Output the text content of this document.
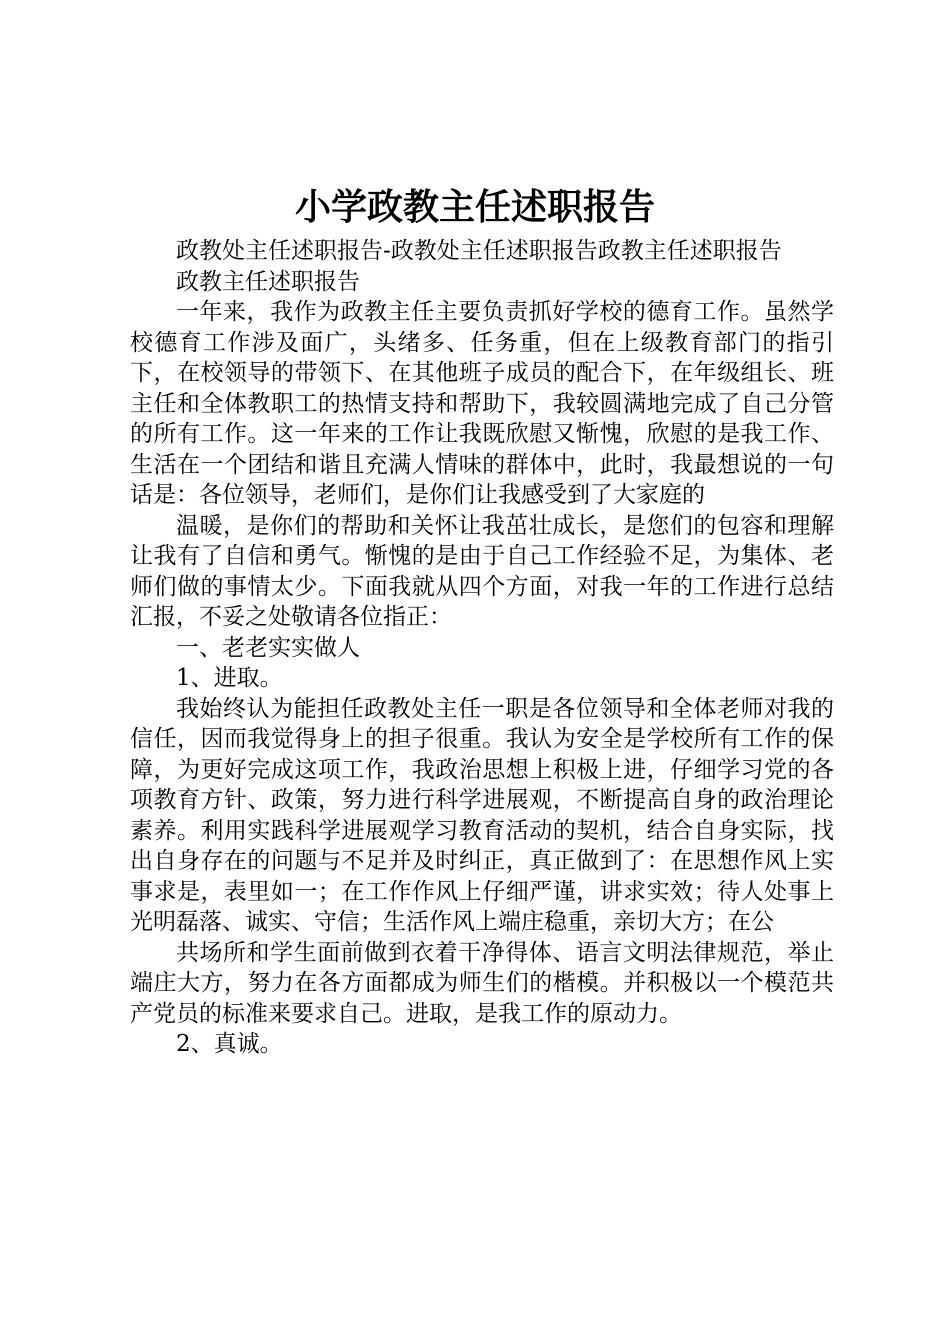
小学政教主任述职报告

政教处主任述职报告-政教处主任述职报告政教主任述职报告

政教主任述职报告

一年来，我作为政教主任主要负责抓好学校的德育工作。虽然学校德育工作涉及面广，头绪多、任务重，但在上级教育部门的指引下，在校领导的带领下、在其他班子成员的配合下，在年级组长、班主任和全体教职工的热情支持和帮助下，我较圆满地完成了自己分管的所有工作。这一年来的工作让我既欣慰又惭愧，欣慰的是我工作、生活在一个团结和谐且充满人情味的群体中，此时，我最想说的一句话是：各位领导，老师们，是你们让我感受到了大家庭的

温暖，是你们的帮助和关怀让我茁壮成长，是您们的包容和理解让我有了自信和勇气。惭愧的是由于自己工作经验不足，为集体、老师们做的事情太少。下面我就从四个方面，对我一年的工作进行总结汇报，不妥之处敬请各位指正：

一、老老实实做人

1、进取。

我始终认为能担任政教处主任一职是各位领导和全体老师对我的信任，因而我觉得身上的担子很重。我认为安全是学校所有工作的保障，为更好完成这项工作，我政治思想上积极上进，仔细学习党的各项教育方针、政策，努力进行科学进展观，不断提高自身的政治理论素养。利用实践科学进展观学习教育活动的契机，结合自身实际，找出自身存在的问题与不足并及时纠正，真正做到了：在思想作风上实事求是，表里如一；在工作作风上仔细严谨，讲求实效；待人处事上光明磊落、诚实、守信；生活作风上端庄稳重，亲切大方；在公

共场所和学生面前做到衣着干净得体、语言文明法律规范，举止端庄大方，努力在各方面都成为师生们的楷模。并积极以一个模范共产党员的标准来要求自己。进取，是我工作的原动力。

2、真诚。
